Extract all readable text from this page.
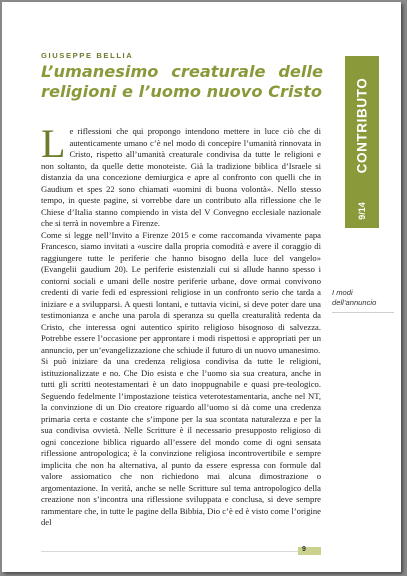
GIUSEPPE BELLIA
L’umanesimo creaturale delle
religioni e l’uomo nuovo Cristo CONTRIBUTO
9/14

Le riflessioni che qui propongo intendono mettere in luce ciò che di autenticamente umano c’è nel modo di concepire l’umanità rinnovata in Cristo, rispetto all’umanità creaturale condivisa da tutte le religioni e non soltanto, da quelle dette monoteiste. Già la tradizione biblica d’Israele si distanzia da una concezione demiurgica e apre al confronto con quelli che in Gaudium et spes 22 sono chiamati «uomini di buona volontà». Nello stesso tempo, in queste pagine, si vorrebbe dare un contributo alla riflessione che le Chiese d’Italia stanno compiendo in vista del V Convegno ecclesiale nazionale che si terrà in novembre a Firenze.

Come si legge nell’Invito a Firenze 2015 e come raccomanda vivamente papa Francesco, siamo invitati a «uscire dalla propria comodità e avere il coraggio di raggiungere tutte le periferie che hanno bisogno della luce del vangelo» (Evangelii gaudium 20). Le periferie esistenziali cui si allude hanno spesso i contorni sociali e umani delle nostre periferie urbane, dove ormai convivono credenti di varie fedi ed espressioni religiose in un confronto serio che tarda a iniziare e a svilupparsi. A questi lontani, e tuttavia vicini, si deve poter dare una testimonianza e anche una parola di speranza su quella creaturalità redenta da Cristo, che interessa ogni autentico spirito religioso bisognoso di salvezza. Potrebbe essere l’occasione per approntare i modi rispettosi e appropriati per un annuncio, per un’evangelizzazione che schiude il futuro di un nuovo umanesimo.

Si può iniziare da una credenza religiosa condivisa da tutte le religioni, istituzionalizzate e no. Che Dio esista e che l’uomo sia sua creatura, anche in tutti gli scritti neotestamentari è un dato inoppugnabile e quasi pre-teologico. Seguendo fedelmente l’impostazione teistica veterotestamentaria, anche nel NT, la convinzione di un Dio creatore riguardo all’uomo si dà come una credenza primaria certa e costante che s’impone per la sua scontata naturalezza e per la sua condivisa ovvietà. Nelle Scritture è il necessario presupposto religioso di ogni concezione biblica riguardo all’essere del mondo come di ogni sensata riflessione antropologica; è la convinzione religiosa incontrovertibile e sempre implicita che non ha alternativa, al punto da essere espressa con formule dal valore assiomatico che non richiedono mai alcuna dimostrazione o argomentazione. In verità, anche se nelle Scritture sul tema antropologico della creazione non s’incontra una riflessione sviluppata e conclusa, si deve sempre rammentare che, in tutte le pagine della Bibbia, Dio c’è ed è visto come l’origine del

I modi dell’annuncio
9
